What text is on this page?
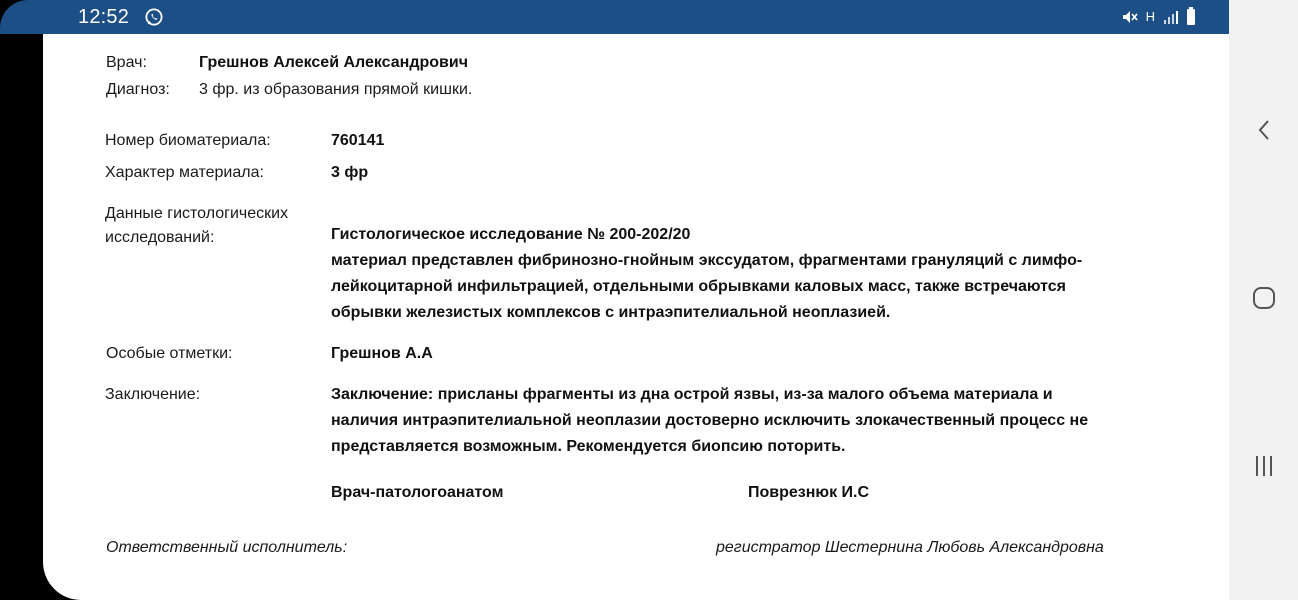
12:52	H
Врач:	Грешнов Алексей Александрович
Диагноз: 3 фр. из образования прямой кишки.
Номер биоматериала:	760141
Характер материала:	3 фр
Данные гистологических
исследований:	Гистологическое исследование № 200-202/20
материал представлен фибринозно-гнойным экссудатом, фрагментами грануляций с лимфо-
лейкоцитарной инфильтрацией, отдельными обрывками каловых масс, также встречаются
обрывки железистых комплексов с интраэпителиальной неоплазией.
Особые отметки:	Грешнов А.А
Заключение:	Заключение: присланы фрагменты из дна острой язвы, из-за малого объема материала и
наличия интраэпителиальной неоплазии достоверно исключить злокачественный процесс не
представляется возможным. Рекомендуется биопсию поторить.
Врач-патологоанатом	Поврезнюк И.С
Ответственный исполнитель:	регистратор Шестернина Любовь Александровна
